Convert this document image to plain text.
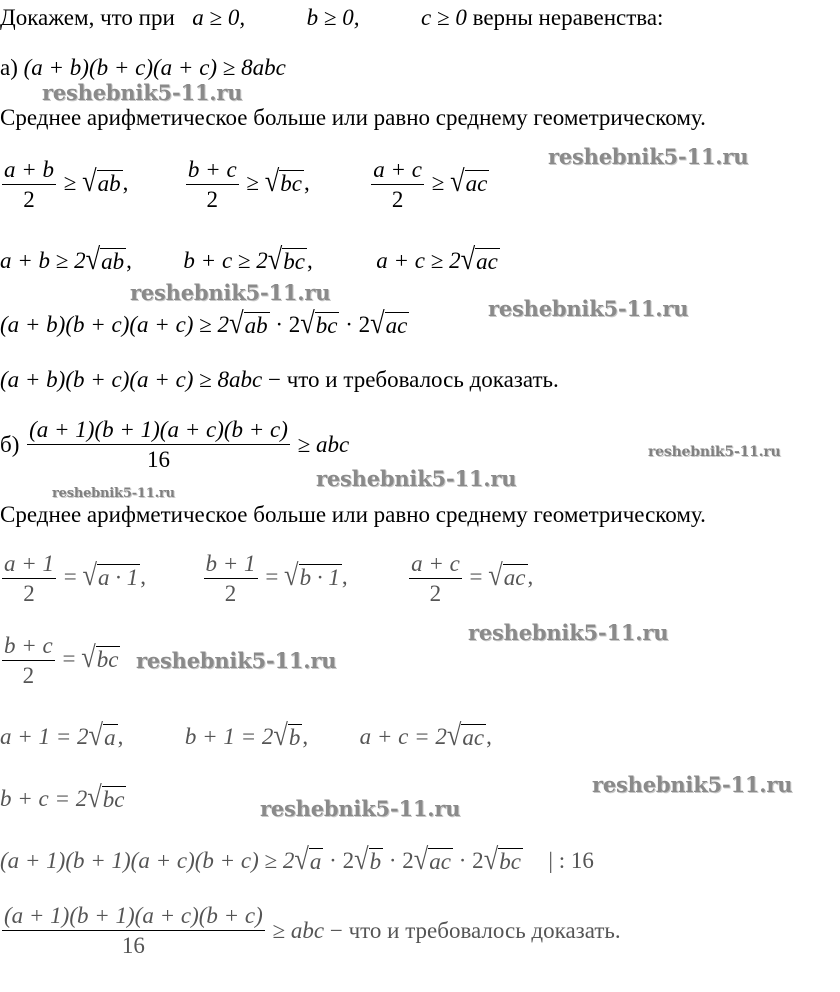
Докажем, что при a ≥ 0,	b ≥ 0,	c ≥ 0 верны неравенства:
а) (a + b)(b + c)(a + c) ≥ 8abc
Среднее арифметическое больше или равно среднему геометрическому.
$\frac{a + b}{2}$ ≥ √ ab ,	$\frac{b + c}{2}$ ≥ √ bc ,	$\frac{a + c}{2}$ ≥ √ ac
a + b ≥ 2 √ ab , b + c ≥ 2 √ bc ,	a + c ≥ 2 √ ac
(a + b)(b + c)(a + c) ≥ 2 √ ab · 2 √ bc · 2 √ ac
(a + b)(b + c)(a + c) ≥ 8abc − что и требовалось доказать.
$б) \frac{(a + 1)(b + 1)(a + c)(b + c)}{16}$ ≥ abc
Среднее арифметическое больше или равно среднему геометрическому.
$\frac{a + 1}{2}$ = √ a · 1 ,	$\frac{b + 1}{2}$ = √ b · 1 ,	$\frac{a + c}{2}$ = √ ac ,
$\frac{b + c}{2}$ = √ bc
a + 1 = 2 √ a ,	b + 1 = 2 √ b , a + c = 2 √ ac ,
b + c = 2 √ bc
(a + 1)(b + 1)(a + c)(b + c) ≥ 2 √ a · 2 √ b · 2 √ ac · 2 √ bc | : 16
$\frac{(a + 1)(b + 1)(a + c)(b + c)}{16}$ ≥ abc − что и требовалось доказать.
reshebnik5-11.ru
reshebnik5-11.ru
reshebnik5-11.ru
reshebnik5-11.ru
reshebnik5-11.ru
reshebnik5-11.ru
reshebnik5-11.ru
reshebnik5-11.ru
reshebnik5-11.ru
reshebnik5-11.ru
reshebnik5-11.ru
